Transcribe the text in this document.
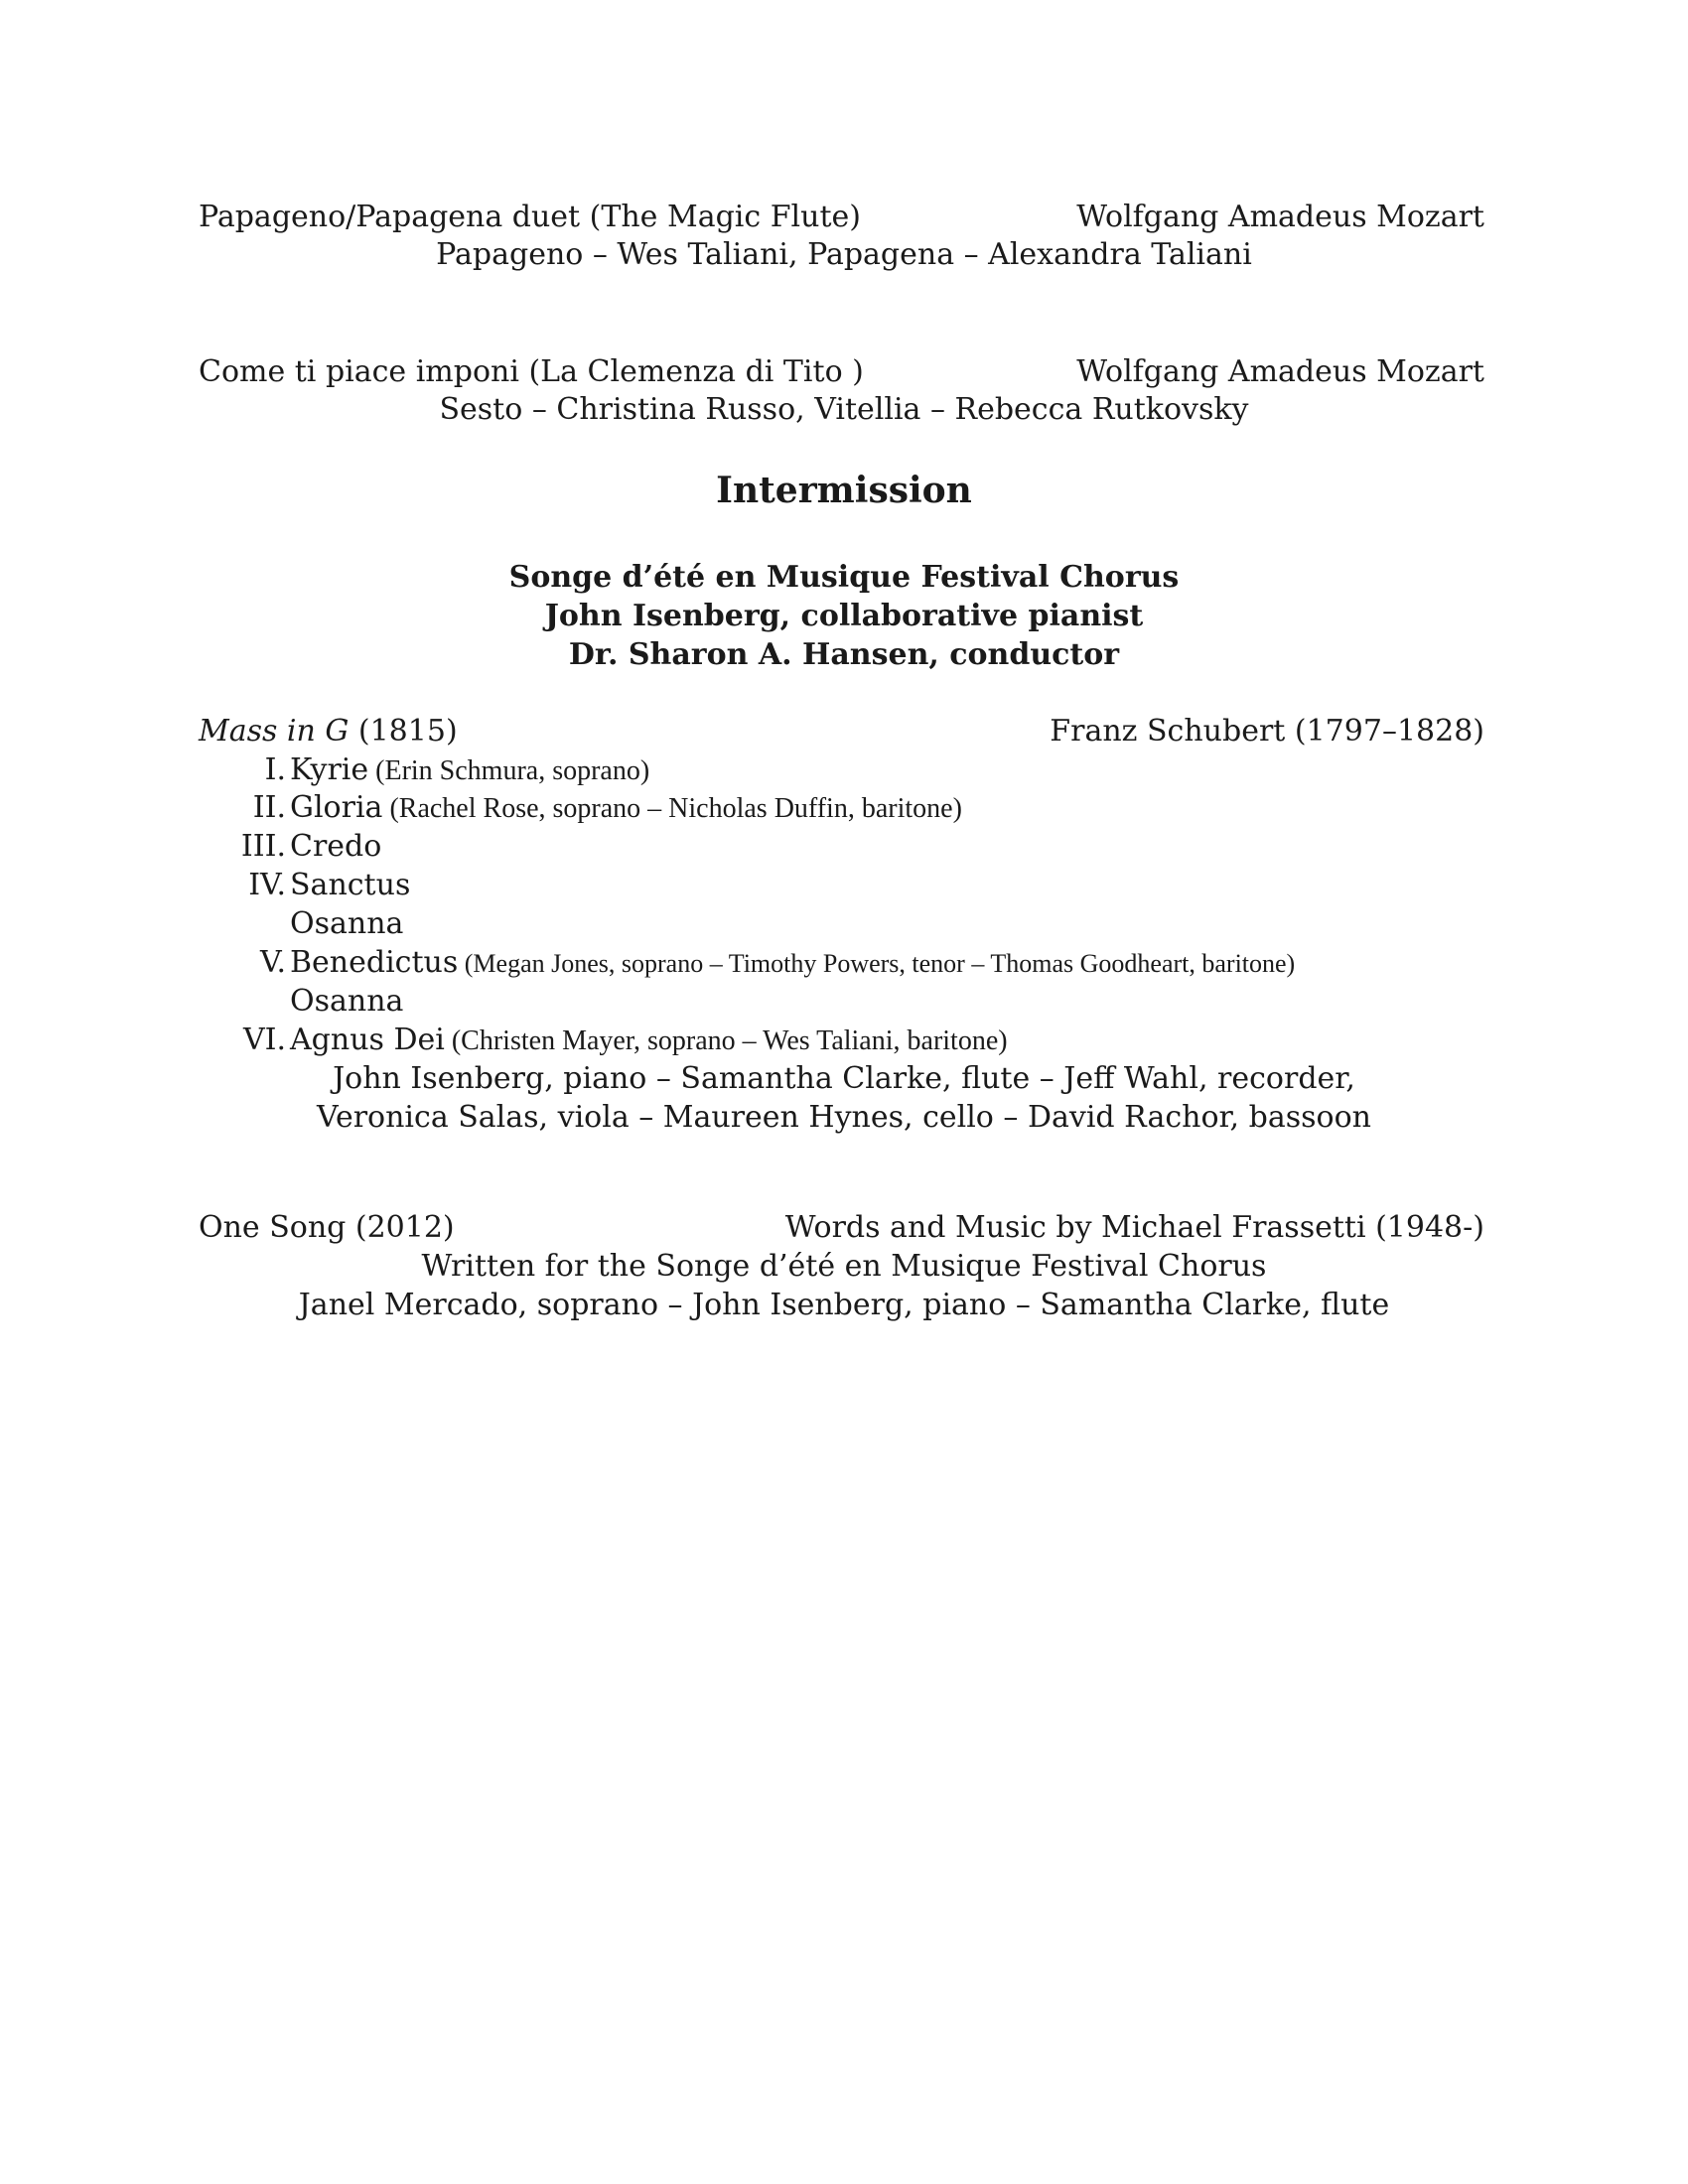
Papageno/Papagena duet (The Magic Flute)	Wolfgang Amadeus Mozart
Papageno – Wes Taliani, Papagena – Alexandra Taliani
Come ti piace imponi (La Clemenza di Tito )	Wolfgang Amadeus Mozart
Sesto – Christina Russo, Vitellia – Rebecca Rutkovsky
Intermission
Songe d’été en Musique Festival Chorus
John Isenberg, collaborative pianist
Dr. Sharon A. Hansen, conductor
Mass in G (1815)	Franz Schubert (1797–1828)
I. Kyrie (Erin Schmura, soprano)
II. Gloria (Rachel Rose, soprano – Nicholas Duffin, baritone)
III. Credo
IV. Sanctus
Osanna
V. Benedictus (Megan Jones, soprano – Timothy Powers, tenor – Thomas Goodheart, baritone)
Osanna
VI. Agnus Dei (Christen Mayer, soprano – Wes Taliani, baritone)
John Isenberg, piano – Samantha Clarke, flute – Jeff Wahl, recorder,
Veronica Salas, viola – Maureen Hynes, cello – David Rachor, bassoon
One Song (2012)	Words and Music by Michael Frassetti (1948-)
Written for the Songe d’été en Musique Festival Chorus
Janel Mercado, soprano – John Isenberg, piano – Samantha Clarke, flute
